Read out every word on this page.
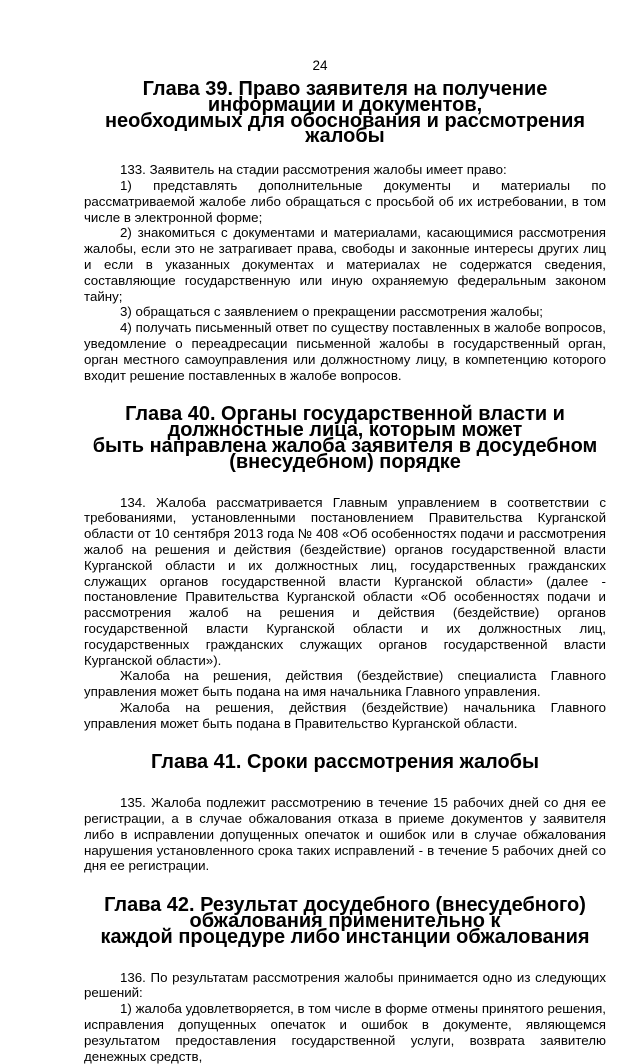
24
Глава 39. Право заявителя на получение информации и документов,
необходимых для обоснования и рассмотрения жалобы

133. Заявитель на стадии рассмотрения жалобы имеет право:

1) представлять дополнительные документы и материалы по рассматриваемой жалобе либо обращаться с просьбой об их истребовании, в том числе в электронной форме;

2) знакомиться с документами и материалами, касающимися рассмотрения жалобы, если это не затрагивает права, свободы и законные интересы других лиц и если в указанных документах и материалах не содержатся сведения, составляющие государственную или иную охраняемую федеральным законом тайну;

3) обращаться с заявлением о прекращении рассмотрения жалобы;

4) получать письменный ответ по существу поставленных в жалобе вопросов, уведомление о переадресации письменной жалобы в государственный орган, орган местного самоуправления или должностному лицу, в компетенцию которого входит решение поставленных в жалобе вопросов.

Глава 40. Органы государственной власти и должностные лица, которым может
быть направлена жалоба заявителя в досудебном (внесудебном) порядке

134. Жалоба рассматривается Главным управлением в соответствии с требованиями, установленными постановлением Правительства Курганской области от 10 сентября 2013 года № 408 «Об особенностях подачи и рассмотрения жалоб на решения и действия (бездействие) органов государственной власти Курганской области и их должностных лиц, государственных гражданских служащих органов государственной власти Курганской области» (далее - постановление Правительства Курганской области «Об особенностях подачи и рассмотрения жалоб на решения и действия (бездействие) органов государственной власти Курганской области и их должностных лиц, государственных гражданских служащих органов государственной власти Курганской области»).

Жалоба на решения, действия (бездействие) специалиста Главного управления может быть подана на имя начальника Главного управления.

Жалоба на решения, действия (бездействие) начальника Главного управления может быть подана в Правительство Курганской области.

Глава 41. Сроки рассмотрения жалобы

135. Жалоба подлежит рассмотрению в течение 15 рабочих дней со дня ее регистрации, а в случае обжалования отказа в приеме документов у заявителя либо в исправлении допущенных опечаток и ошибок или в случае обжалования нарушения установленного срока таких исправлений - в течение 5 рабочих дней со дня ее регистрации.

Глава 42. Результат досудебного (внесудебного) обжалования применительно к
каждой процедуре либо инстанции обжалования

136. По результатам рассмотрения жалобы принимается одно из следующих решений:

1) жалоба удовлетворяется, в том числе в форме отмены принятого решения, исправления допущенных опечаток и ошибок в документе, являющемся результатом предоставления государственной услуги, возврата заявителю денежных средств,
